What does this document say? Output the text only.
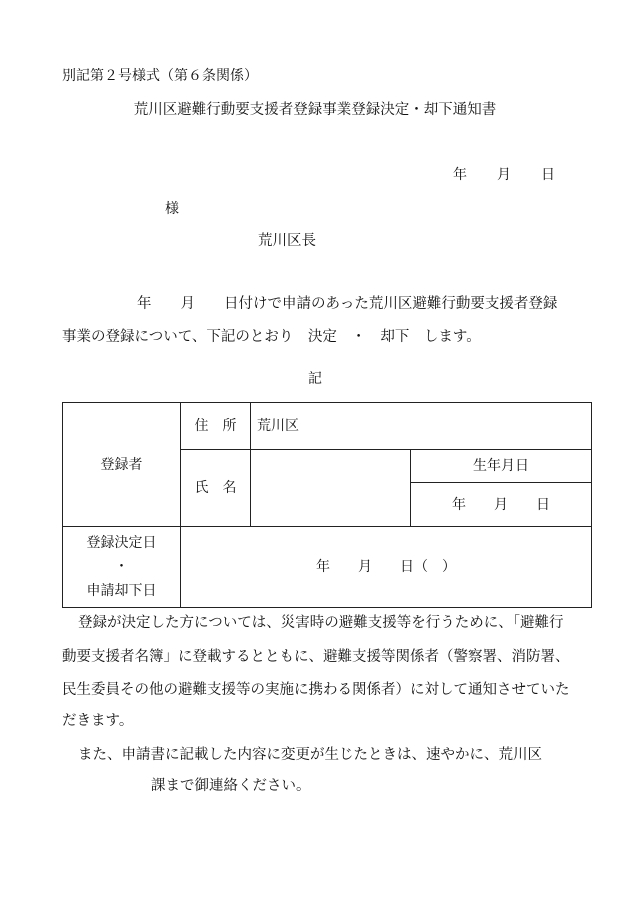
別記第２号様式（第６条関係）
荒川区避難行動要支援者登録事業登録決定・却下通知書
年 月 日
様
荒川区長
年　　月　　日付けで申請のあった荒川区避難行動要支援者登録
事業の登録について、下記のとおり　決定　・　却下　します。
記
登録者	住　所	荒川区	
	氏　名		生年月日
			年　　月　　日

登録決定日
・
申請却下日	年　　月　　日（　）		
登録が決定した方については、災害時の避難支援等を行うために、「避難行
動要支援者名簿」に登載するとともに、避難支援等関係者（警察署、消防署、
民生委員その他の避難支援等の実施に携わる関係者）に対して通知させていた
だきます。
また、申請書に記載した内容に変更が生じたときは、速やかに、荒川区
課まで御連絡ください。
